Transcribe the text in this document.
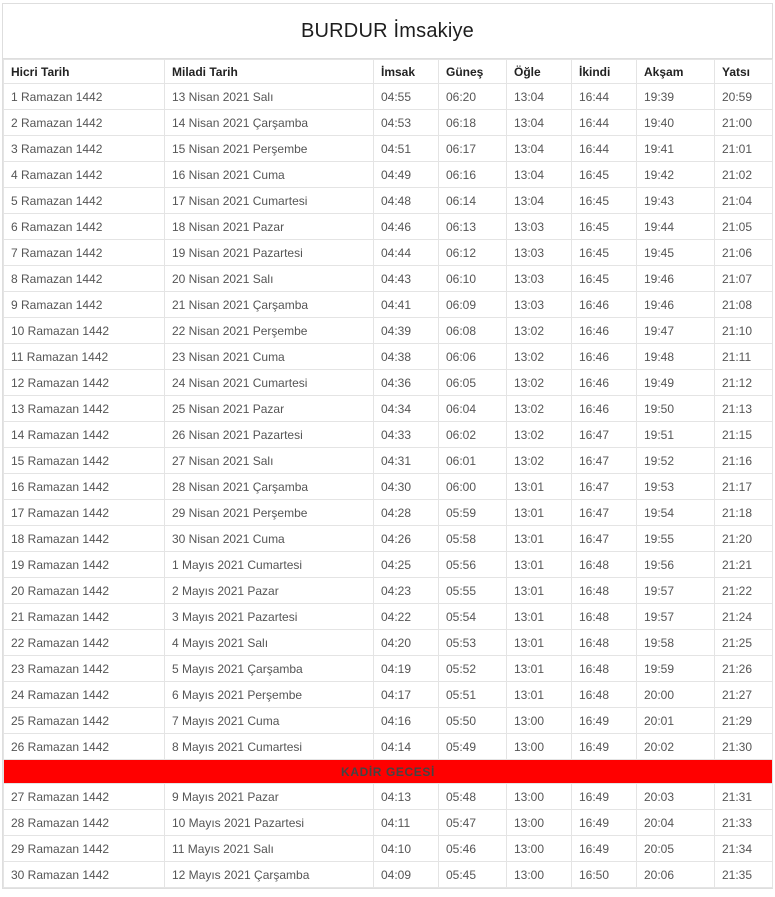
BURDUR İmsakiye
Hicri Tarih	Miladi Tarih	İmsak	Güneş	Öğle	İkindi	Akşam	Yatsı
1 Ramazan 1442	13 Nisan 2021 Salı	04:55	06:20	13:04	16:44	19:39	20:59
2 Ramazan 1442	14 Nisan 2021 Çarşamba	04:53	06:18	13:04	16:44	19:40	21:00
3 Ramazan 1442	15 Nisan 2021 Perşembe	04:51	06:17	13:04	16:44	19:41	21:01
4 Ramazan 1442	16 Nisan 2021 Cuma	04:49	06:16	13:04	16:45	19:42	21:02
5 Ramazan 1442	17 Nisan 2021 Cumartesi	04:48	06:14	13:04	16:45	19:43	21:04
6 Ramazan 1442	18 Nisan 2021 Pazar	04:46	06:13	13:03	16:45	19:44	21:05
7 Ramazan 1442	19 Nisan 2021 Pazartesi	04:44	06:12	13:03	16:45	19:45	21:06
8 Ramazan 1442	20 Nisan 2021 Salı	04:43	06:10	13:03	16:45	19:46	21:07
9 Ramazan 1442	21 Nisan 2021 Çarşamba	04:41	06:09	13:03	16:46	19:46	21:08
10 Ramazan 1442	22 Nisan 2021 Perşembe	04:39	06:08	13:02	16:46	19:47	21:10
11 Ramazan 1442	23 Nisan 2021 Cuma	04:38	06:06	13:02	16:46	19:48	21:11
12 Ramazan 1442	24 Nisan 2021 Cumartesi	04:36	06:05	13:02	16:46	19:49	21:12
13 Ramazan 1442	25 Nisan 2021 Pazar	04:34	06:04	13:02	16:46	19:50	21:13
14 Ramazan 1442	26 Nisan 2021 Pazartesi	04:33	06:02	13:02	16:47	19:51	21:15
15 Ramazan 1442	27 Nisan 2021 Salı	04:31	06:01	13:02	16:47	19:52	21:16
16 Ramazan 1442	28 Nisan 2021 Çarşamba	04:30	06:00	13:01	16:47	19:53	21:17
17 Ramazan 1442	29 Nisan 2021 Perşembe	04:28	05:59	13:01	16:47	19:54	21:18
18 Ramazan 1442	30 Nisan 2021 Cuma	04:26	05:58	13:01	16:47	19:55	21:20
19 Ramazan 1442	1 Mayıs 2021 Cumartesi	04:25	05:56	13:01	16:48	19:56	21:21
20 Ramazan 1442	2 Mayıs 2021 Pazar	04:23	05:55	13:01	16:48	19:57	21:22
21 Ramazan 1442	3 Mayıs 2021 Pazartesi	04:22	05:54	13:01	16:48	19:57	21:24
22 Ramazan 1442	4 Mayıs 2021 Salı	04:20	05:53	13:01	16:48	19:58	21:25
23 Ramazan 1442	5 Mayıs 2021 Çarşamba	04:19	05:52	13:01	16:48	19:59	21:26
24 Ramazan 1442	6 Mayıs 2021 Perşembe	04:17	05:51	13:01	16:48	20:00	21:27
25 Ramazan 1442	7 Mayıs 2021 Cuma	04:16	05:50	13:00	16:49	20:01	21:29
26 Ramazan 1442	8 Mayıs 2021 Cumartesi	04:14	05:49	13:00	16:49	20:02	21:30
KADİR GECESİ							
27 Ramazan 1442	9 Mayıs 2021 Pazar	04:13	05:48	13:00	16:49	20:03	21:31
28 Ramazan 1442	10 Mayıs 2021 Pazartesi	04:11	05:47	13:00	16:49	20:04	21:33
29 Ramazan 1442	11 Mayıs 2021 Salı	04:10	05:46	13:00	16:49	20:05	21:34
30 Ramazan 1442	12 Mayıs 2021 Çarşamba	04:09	05:45	13:00	16:50	20:06	21:35
